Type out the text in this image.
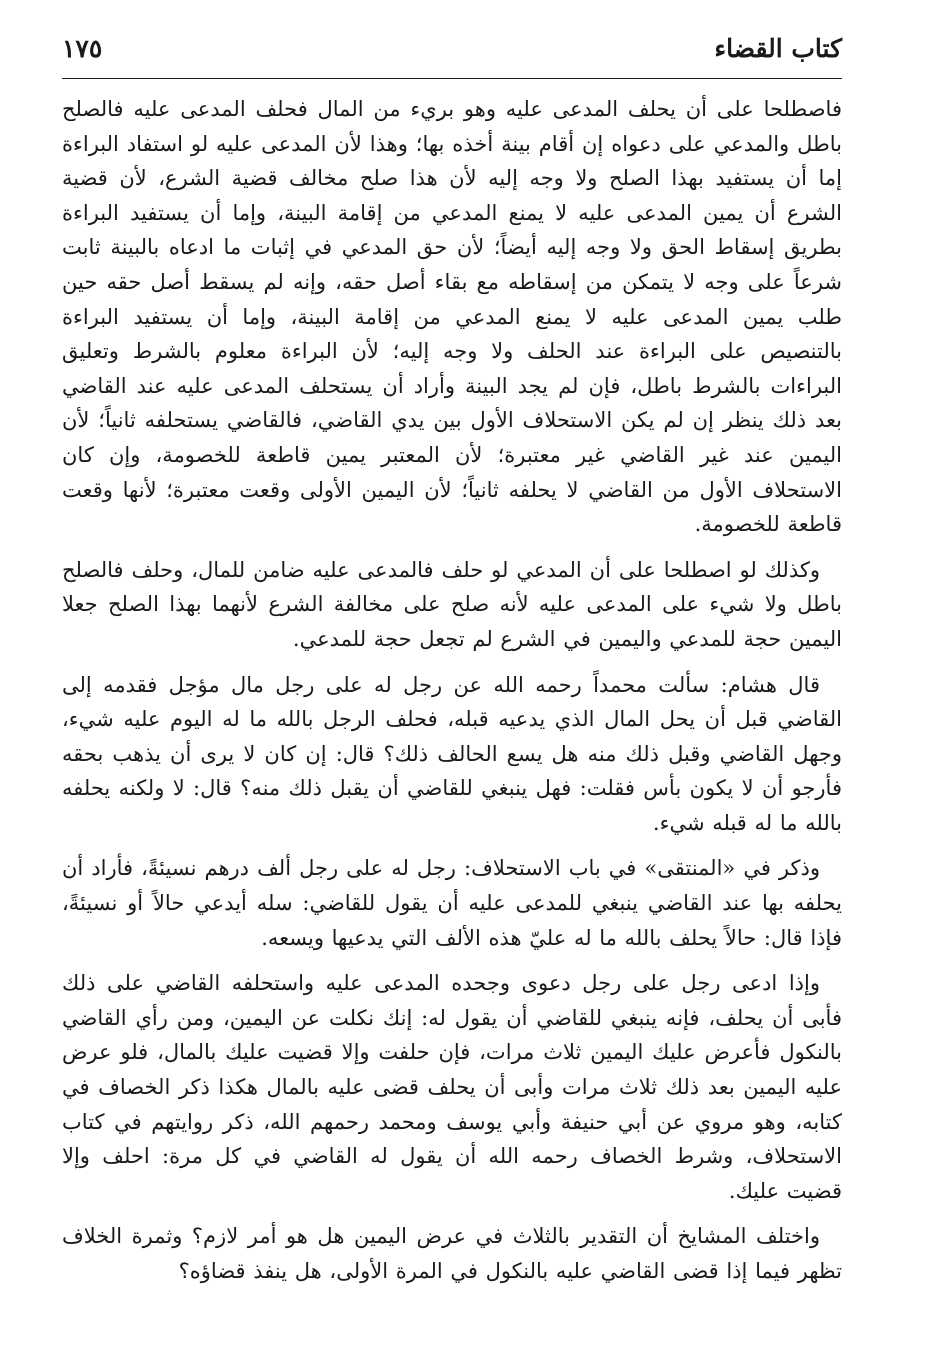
كتاب القضاء
١٧٥

فاصطلحا على أن يحلف المدعى عليه وهو بريء من المال فحلف المدعى عليه فالصلح باطل والمدعي على دعواه إن أقام بينة أخذه بها؛ وهذا لأن المدعى عليه لو استفاد البراءة إما أن يستفيد بهذا الصلح ولا وجه إليه لأن هذا صلح مخالف قضية الشرع، لأن قضية الشرع أن يمين المدعى عليه لا يمنع المدعي من إقامة البينة، وإما أن يستفيد البراءة بطريق إسقاط الحق ولا وجه إليه أيضاً؛ لأن حق المدعي في إثبات ما ادعاه بالبينة ثابت شرعاً على وجه لا يتمكن من إسقاطه مع بقاء أصل حقه، وإنه لم يسقط أصل حقه حين طلب يمين المدعى عليه لا يمنع المدعي من إقامة البينة، وإما أن يستفيد البراءة بالتنصيص على البراءة عند الحلف ولا وجه إليه؛ لأن البراءة معلوم بالشرط وتعليق البراءات بالشرط باطل، فإن لم يجد البينة وأراد أن يستحلف المدعى عليه عند القاضي بعد ذلك ينظر إن لم يكن الاستحلاف الأول بين يدي القاضي، فالقاضي يستحلفه ثانياً؛ لأن اليمين عند غير القاضي غير معتبرة؛ لأن المعتبر يمين قاطعة للخصومة، وإن كان الاستحلاف الأول من القاضي لا يحلفه ثانياً؛ لأن اليمين الأولى وقعت معتبرة؛ لأنها وقعت قاطعة للخصومة.

وكذلك لو اصطلحا على أن المدعي لو حلف فالمدعى عليه ضامن للمال، وحلف فالصلح باطل ولا شيء على المدعى عليه لأنه صلح على مخالفة الشرع لأنهما بهذا الصلح جعلا اليمين حجة للمدعي واليمين في الشرع لم تجعل حجة للمدعي.

قال هشام: سألت محمداً رحمه الله عن رجل له على رجل مال مؤجل فقدمه إلى القاضي قبل أن يحل المال الذي يدعيه قبله، فحلف الرجل بالله ما له اليوم عليه شيء، وجهل القاضي وقبل ذلك منه هل يسع الحالف ذلك؟ قال: إن كان لا يرى أن يذهب بحقه فأرجو أن لا يكون بأس فقلت: فهل ينبغي للقاضي أن يقبل ذلك منه؟ قال: لا ولكنه يحلفه بالله ما له قبله شيء.

وذكر في «المنتقى» في باب الاستحلاف: رجل له على رجل ألف درهم نسيئةً، فأراد أن يحلفه بها عند القاضي ينبغي للمدعى عليه أن يقول للقاضي: سله أيدعي حالاً أو نسيئةً، فإذا قال: حالاً يحلف بالله ما له عليّ هذه الألف التي يدعيها ويسعه.

وإذا ادعى رجل على رجل دعوى وجحده المدعى عليه واستحلفه القاضي على ذلك فأبى أن يحلف، فإنه ينبغي للقاضي أن يقول له: إنك نكلت عن اليمين، ومن رأي القاضي بالنكول فأعرض عليك اليمين ثلاث مرات، فإن حلفت وإلا قضيت عليك بالمال، فلو عرض عليه اليمين بعد ذلك ثلاث مرات وأبى أن يحلف قضى عليه بالمال هكذا ذكر الخصاف في كتابه، وهو مروي عن أبي حنيفة وأبي يوسف ومحمد رحمهم الله، ذكر روايتهم في كتاب الاستحلاف، وشرط الخصاف رحمه الله أن يقول له القاضي في كل مرة: احلف وإلا قضيت عليك.

واختلف المشايخ أن التقدير بالثلاث في عرض اليمين هل هو أمر لازم؟ وثمرة الخلاف تظهر فيما إذا قضى القاضي عليه بالنكول في المرة الأولى، هل ينفذ قضاؤه؟
